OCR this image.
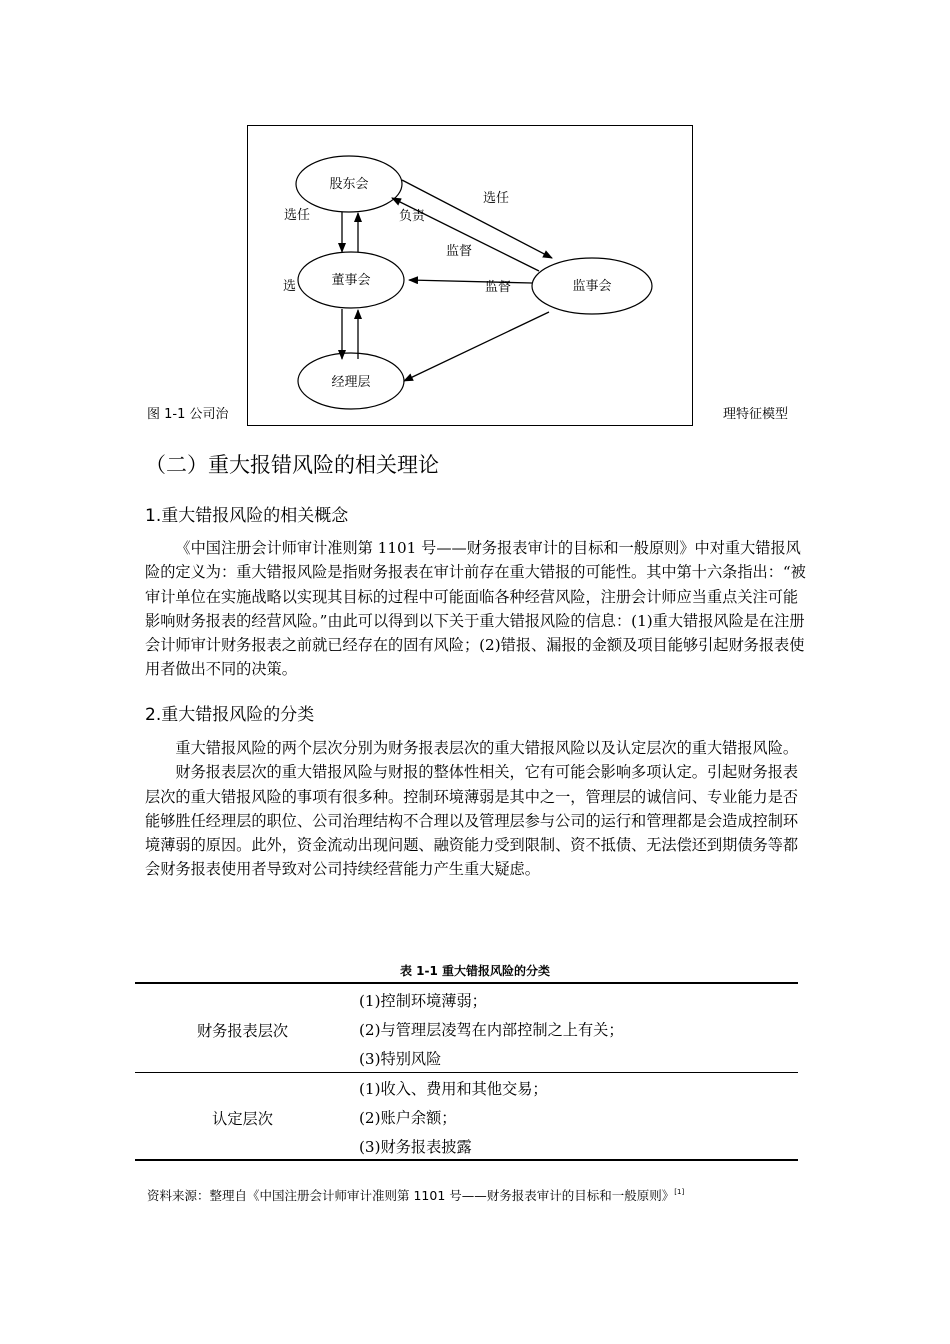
股东会
董事会	监事会
经理层
选任	负责
选任
监督
监督
选
图 1-1 公司治	理特征模型
（二）重大报错风险的相关理论
1.重大错报风险的相关概念

《中国注册会计师审计准则第 1101 号——财务报表审计的目标和一般原则》中对重大错报风险的定义为：重大错报风险是指财务报表在审计前存在重大错报的可能性。其中第十六条指出：“被审计单位在实施战略以实现其目标的过程中可能面临各种经营风险，注册会计师应当重点关注可能影响财务报表的经营风险。”由此可以得到以下关于重大错报风险的信息：(1)重大错报风险是在注册会计师审计财务报表之前就已经存在的固有风险；(2)错报、漏报的金额及项目能够引起财务报表使用者做出不同的决策。

2.重大错报风险的分类

重大错报风险的两个层次分别为财务报表层次的重大错报风险以及认定层次的重大错报风险。

财务报表层次的重大错报风险与财报的整体性相关，它有可能会影响多项认定。引起财务报表层次的重大错报风险的事项有很多种。控制环境薄弱是其中之一，管理层的诚信问、专业能力是否能够胜任经理层的职位、公司治理结构不合理以及管理层参与公司的运行和管理都是会造成控制环境薄弱的原因。此外，资金流动出现问题、融资能力受到限制、资不抵债、无法偿还到期债务等都会财务报表使用者导致对公司持续经营能力产生重大疑虑。

表 1-1 重大错报风险的分类
财务报表层次
(1)控制环境薄弱；
(2)与管理层凌驾在内部控制之上有关；
(3)特别风险
认定层次
(1)收入、费用和其他交易；
(2)账户余额；
(3)财务报表披露
资料来源：整理自《中国注册会计师审计准则第 1101 号——财务报表审计的目标和一般原则》[1]
